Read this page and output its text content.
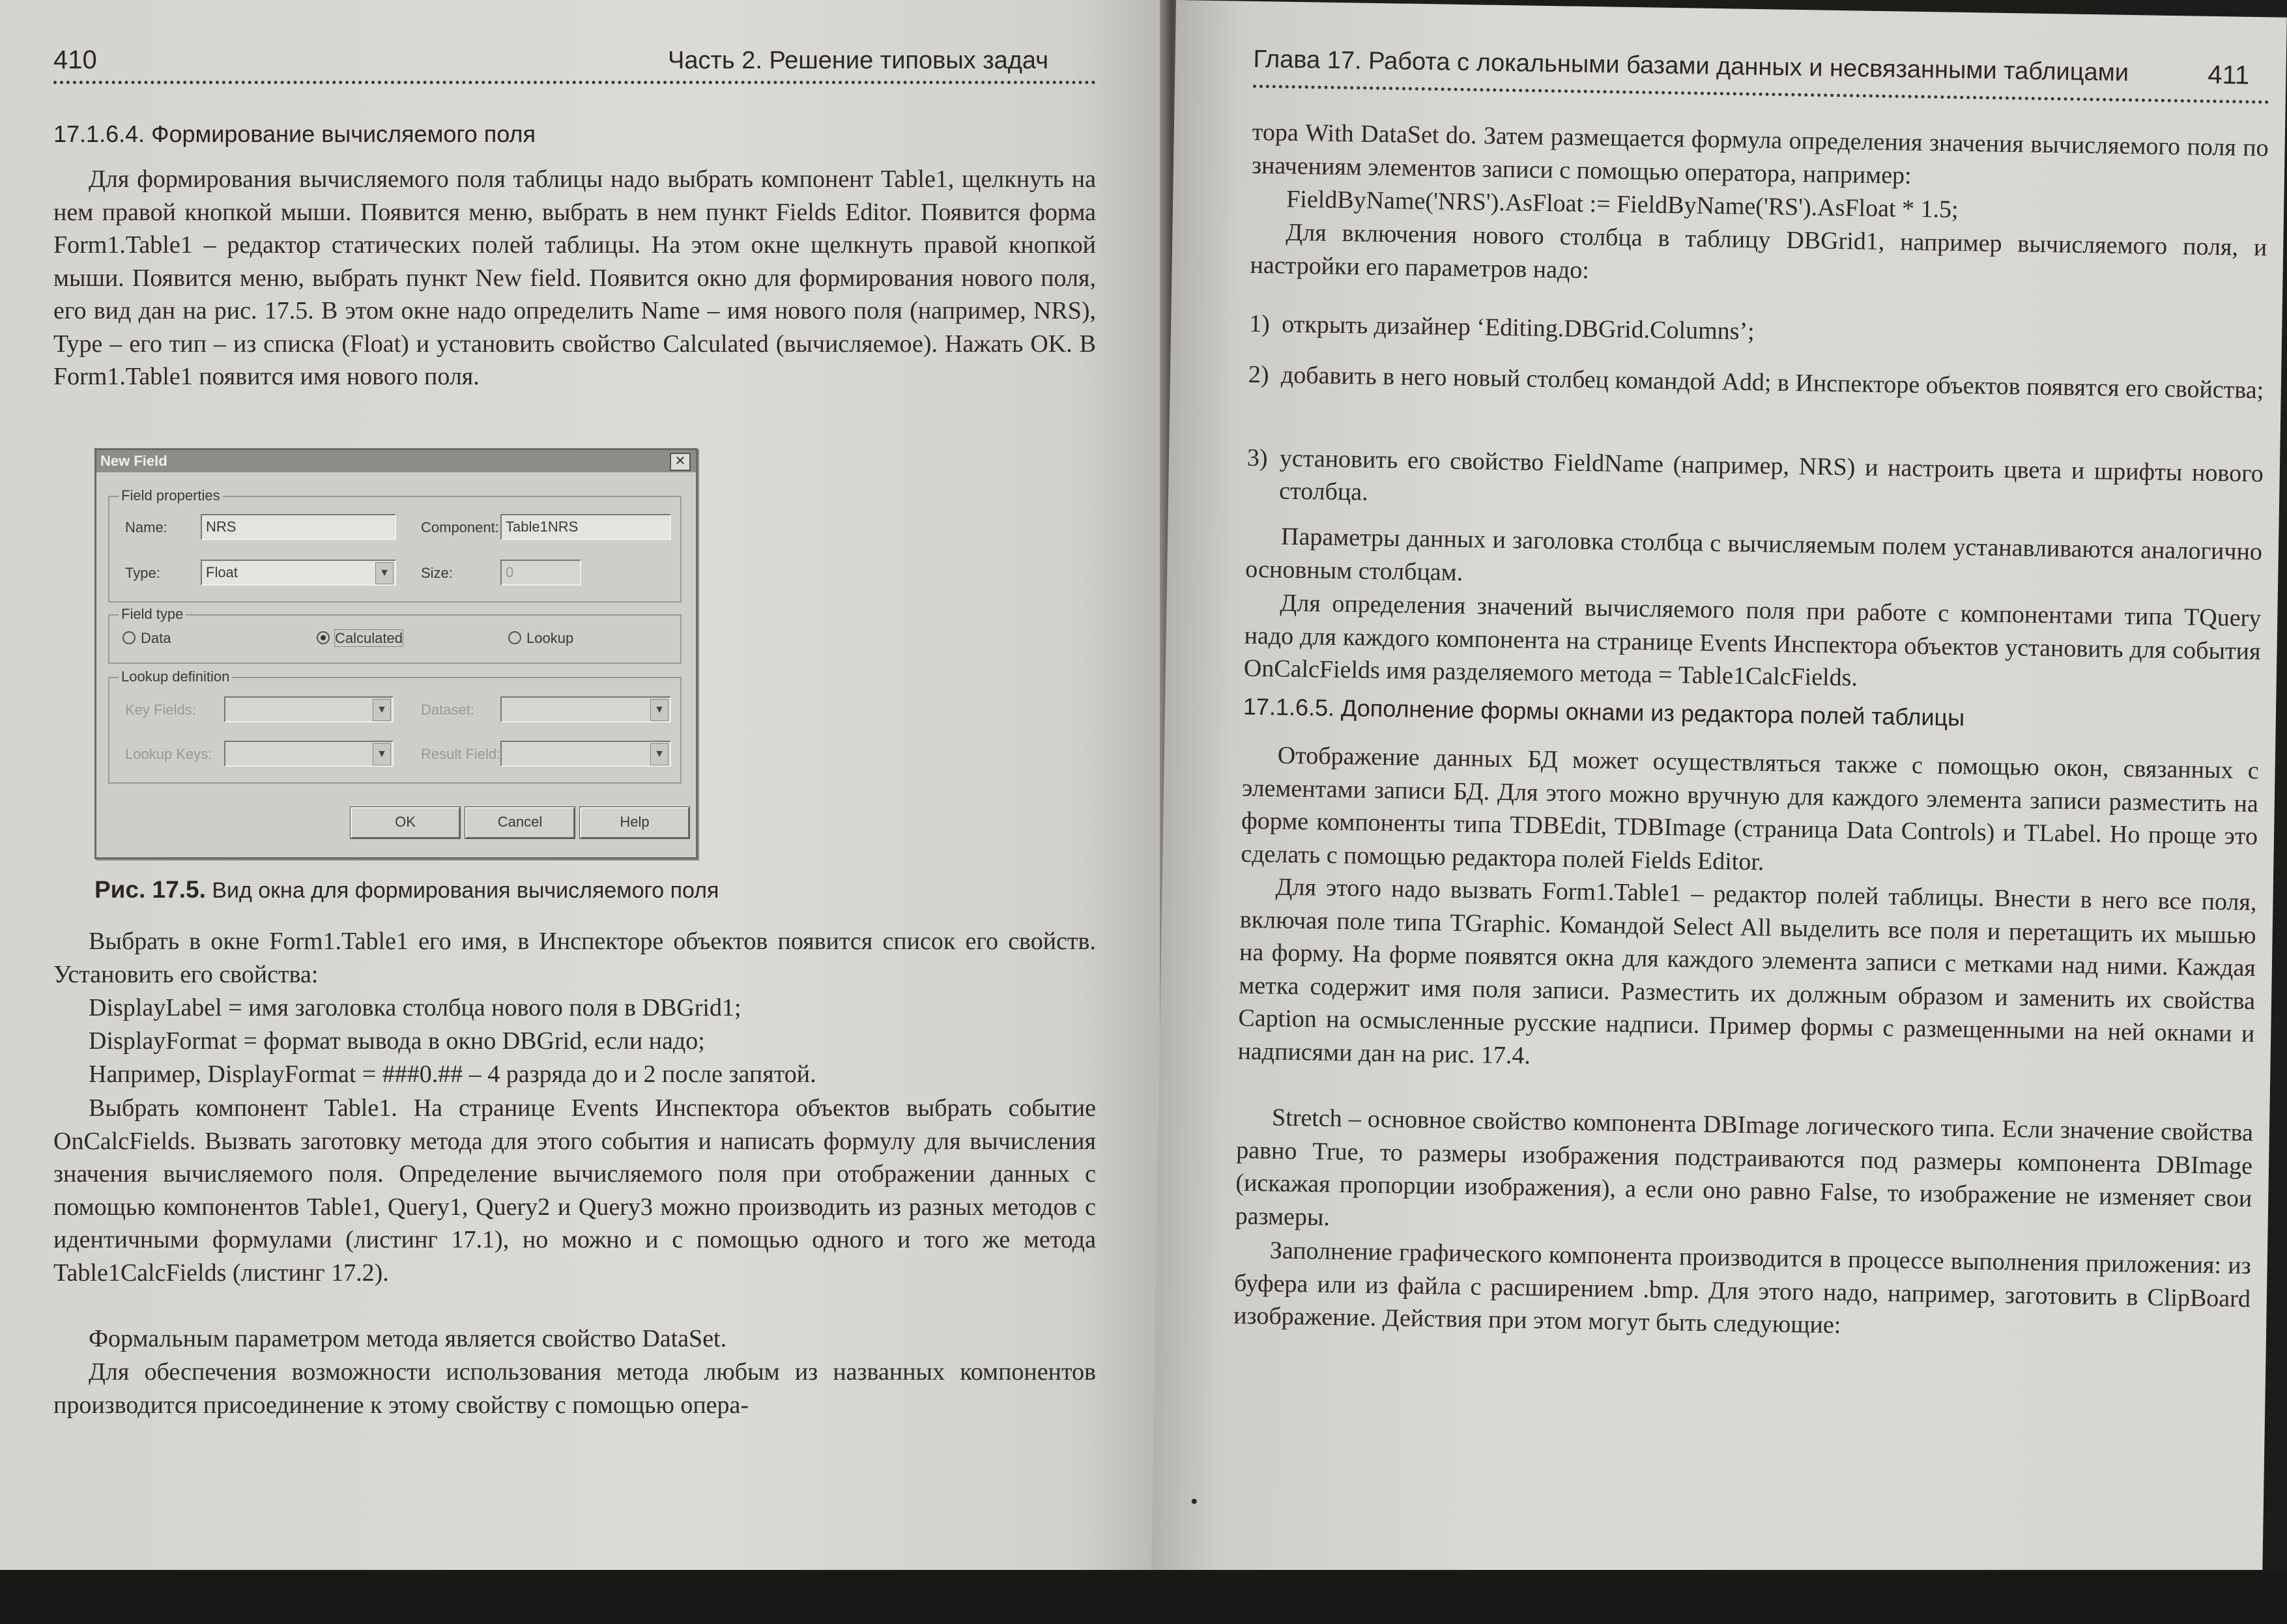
410	Часть 2. Решение типовых задач
17.1.6.4. Формирование вычисляемого поля
Для формирования вычисляемого поля таблицы надо выбрать компонент Table1, щелкнуть на нем правой кнопкой мыши. Появится меню, выбрать в нем пункт Fields Editor. Появится форма Form1.Table1 – редактор статических полей таблицы. На этом окне щелкнуть правой кнопкой мыши. Появится меню, выбрать пункт New field. Появится окно для формирования нового поля, его вид дан на рис. 17.5. В этом окне надо определить Name – имя нового поля (например, NRS), Type – его тип – из списка (Float) и установить свойство Calculated (вычисляемое). Нажать OK. В Form1.Table1 появится имя нового поля.
New Field	✕
Field properties
Name:	NRS	Component: Table1NRS
Type:	Float	▼ Size:	0
Field type
Data	Calculated	Lookup
Lookup definition
Key Fields:	▼ Dataset:	▼
Lookup Keys:	▼ Result Field:	▼
OK	Cancel	Help
Рис. 17.5. Вид окна для формирования вычисляемого поля
Выбрать в окне Form1.Table1 его имя, в Инспекторе объектов появится список его свойств. Установить его свойства:
DisplayLabel = имя заголовка столбца нового поля в DBGrid1;
DisplayFormat = формат вывода в окно DBGrid, если надо;
Например, DisplayFormat = ###0.## – 4 разряда до и 2 после запятой.
Выбрать компонент Table1. На странице Events Инспектора объектов выбрать событие OnCalcFields. Вызвать заготовку метода для этого события и написать формулу для вычисления значения вычисляемого поля. Определение вычисляемого поля при отображении данных с помощью компонентов Table1, Query1, Query2 и Query3 можно производить из разных методов с идентичными формулами (листинг 17.1), но можно и с помощью одного и того же метода Table1CalcFields (листинг 17.2).
Формальным параметром метода является свойство DataSet.
Для обеспечения возможности использования метода любым из названных компонентов производится присоединение к этому свойству с помощью опера-
Глава 17. Работа с локальными базами данных и несвязанными таблицами	411
тора With DataSet do. Затем размещается формула определения значения вычисляемого поля по значениям элементов записи с помощью оператора, например:
FieldByName('NRS').AsFloat := FieldByName('RS').AsFloat * 1.5;
Для включения нового столбца в таблицу DBGrid1, например вычисляемого поля, и настройки его параметров надо:
1) открыть дизайнер ‘Editing.DBGrid.Columns’;
2) добавить в него новый столбец командой Add; в Инспекторе объектов появятся его свойства;
3) установить его свойство FieldName (например, NRS) и настроить цвета и шрифты нового столбца.
Параметры данных и заголовка столбца с вычисляемым полем устанавливаются аналогично основным столбцам.
Для определения значений вычисляемого поля при работе с компонентами типа TQuery надо для каждого компонента на странице Events Инспектора объектов установить для события OnCalcFields имя разделяемого метода = Table1CalcFields.
17.1.6.5. Дополнение формы окнами из редактора полей таблицы
Отображение данных БД может осуществляться также с помощью окон, связанных с элементами записи БД. Для этого можно вручную для каждого элемента записи разместить на форме компоненты типа TDBEdit, TDBImage (страница Data Controls) и TLabel. Но проще это сделать с помощью редактора полей Fields Editor.
Для этого надо вызвать Form1.Table1 – редактор полей таблицы. Внести в него все поля, включая поле типа TGraphic. Командой Select All выделить все поля и перетащить их мышью на форму. На форме появятся окна для каждого элемента записи с метками над ними. Каждая метка содержит имя поля записи. Разместить их должным образом и заменить их свойства Caption на осмысленные русские надписи. Пример формы с размещенными на ней окнами и надписями дан на рис. 17.4.
Stretch – основное свойство компонента DBImage логического типа. Если значение свойства равно True, то размеры изображения подстраиваются под размеры компонента DBImage (искажая пропорции изображения), а если оно равно False, то изображение не изменяет свои размеры.
Заполнение графического компонента производится в процессе выполнения приложения: из буфера или из файла с расширением .bmp. Для этого надо, например, заготовить в ClipBoard изображение. Действия при этом могут быть следующие:
